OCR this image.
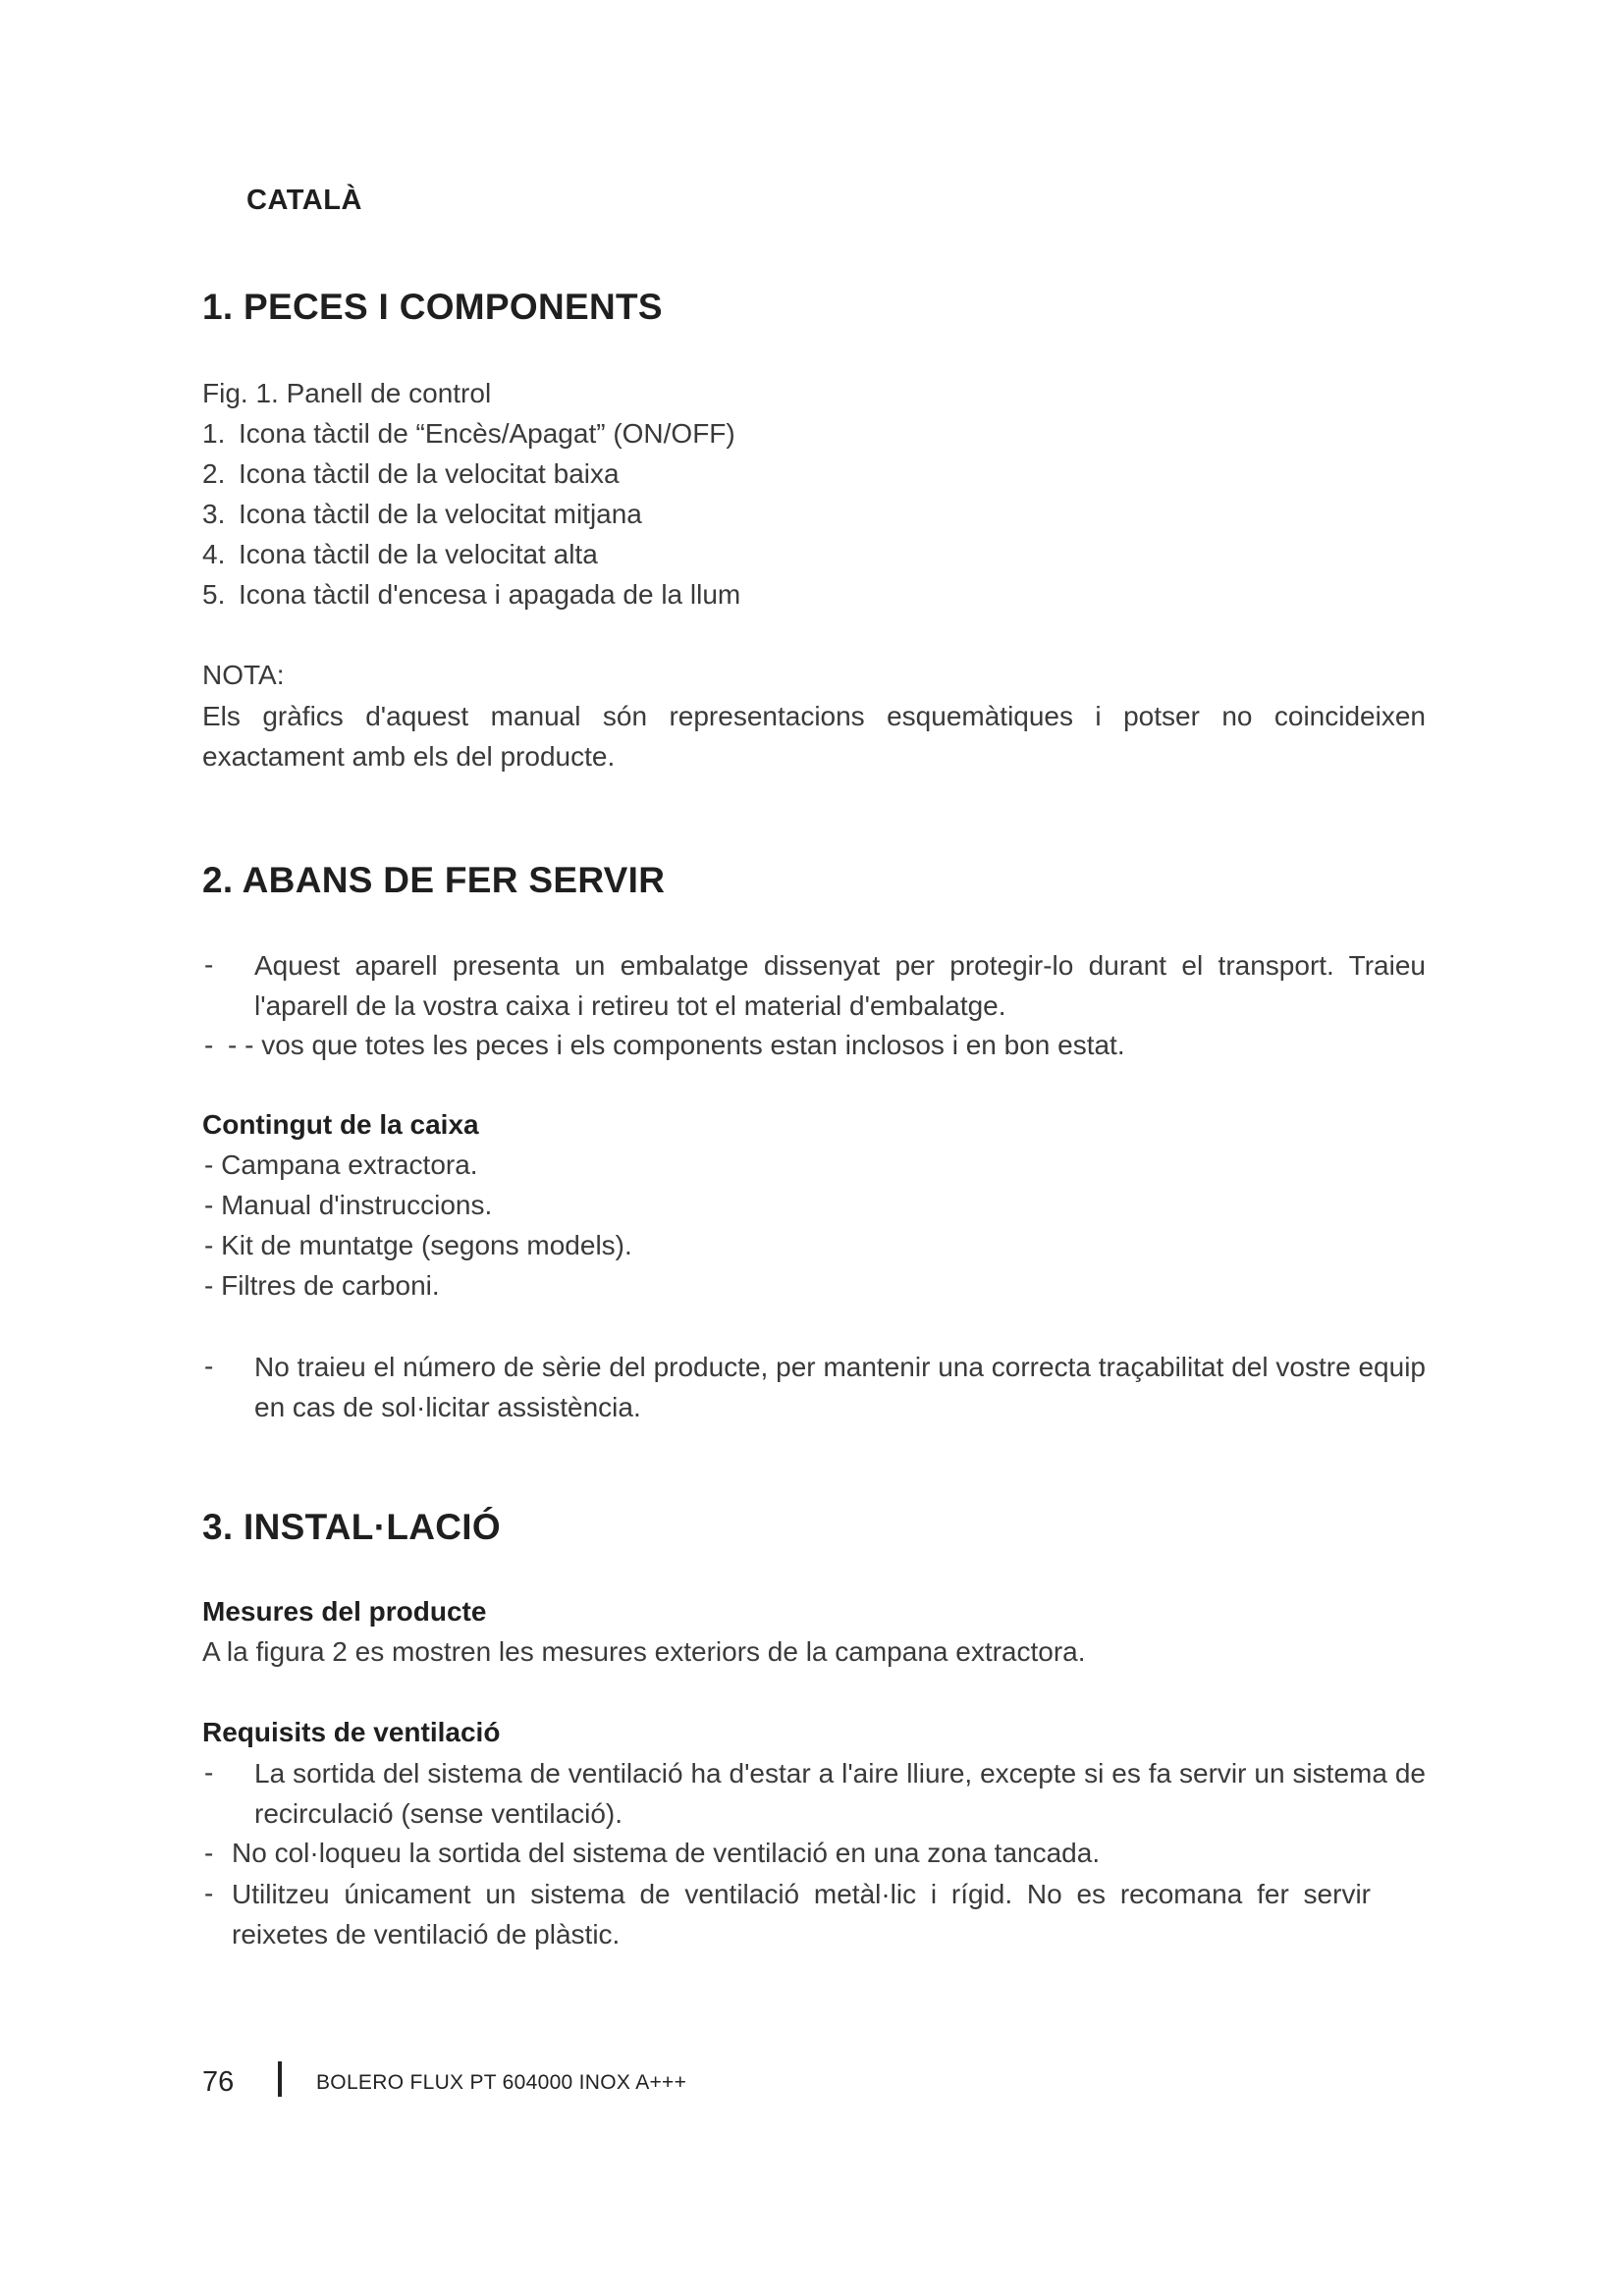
CATALÀ
1. PECES I COMPONENTS

Fig. 1. Panell de control

1. Icona tàctil de “Encès/Apagat” (ON/OFF)
2. Icona tàctil de la velocitat baixa
3. Icona tàctil de la velocitat mitjana
4. Icona tàctil de la velocitat alta
5. Icona tàctil d'encesa i apagada de la llum

NOTA:

Els gràfics d'aquest manual són representacions esquemàtiques i potser no coincideixen exactament amb els del producte.

2. ABANS DE FER SERVIR
- Aquest aparell presenta un embalatge dissenyat per protegir-lo durant el transport. Traieu l'aparell de la vostra caixa i retireu tot el material d'embalatge.

- - - vos que totes les peces i els components estan inclosos i en bon estat.

Contingut de la caixa

- Campana extractora.

- Manual d'instruccions.

- Kit de muntatge (segons models).

- Filtres de carboni.

- No traieu el número de sèrie del producte, per mantenir una correcta traçabilitat del vostre equip en cas de sol·licitar assistència.

3. INSTAL·LACIÓ

Mesures del producte

A la figura 2 es mostren les mesures exteriors de la campana extractora.

Requisits de ventilació

- La sortida del sistema de ventilació ha d'estar a l'aire lliure, excepte si es fa servir un sistema de recirculació (sense ventilació).

- No col·loqueu la sortida del sistema de ventilació en una zona tancada.

- Utilitzeu únicament un sistema de ventilació metàl·lic i rígid. No es recomana fer servir reixetes de ventilació de plàstic.

76	BOLERO FLUX PT 604000 INOX A+++
